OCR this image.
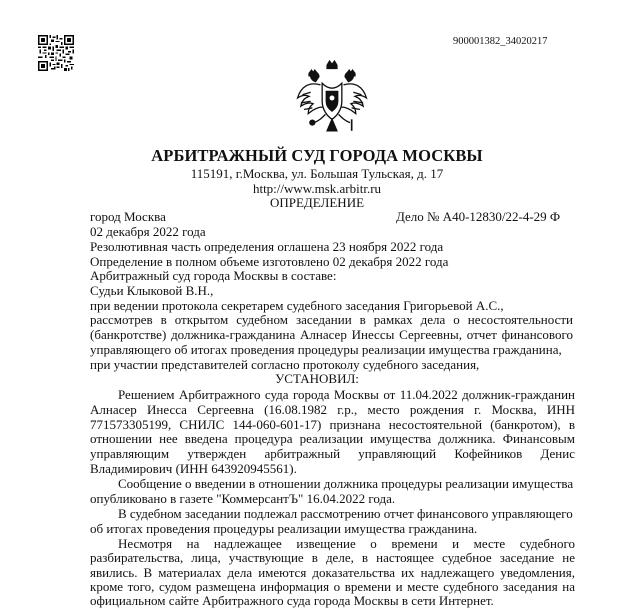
900001382_34020217
АРБИТРАЖНЫЙ СУД ГОРОДА МОСКВЫ
115191, г.Москва, ул. Большая Тульская, д. 17
http://www.msk.arbitr.ru
ОПРЕДЕЛЕНИЕ
город Москва	Дело № А40-12830/22-4-29 Ф
02 декабря 2022 года
Резолютивная часть определения оглашена 23 ноября 2022 года
Определение в полном объеме изготовлено 02 декабря 2022 года
Арбитражный суд города Москвы в составе:
Судьи Клыковой В.Н.,
при ведении протокола секретарем судебного заседания Григорьевой А.С.,
рассмотрев в открытом судебном заседании в рамках дела о несостоятельности
(банкротстве) должника-гражданина Алнасер Инессы Сергеевны, отчет финансового
управляющего об итогах проведения процедуры реализации имущества гражданина,
при участии представителей согласно протоколу судебного заседания,
УСТАНОВИЛ:
Решением Арбитражного суда города Москвы от 11.04.2022 должник-гражданин
Алнасер Инесса Сергеевна (16.08.1982 г.р., место рождения г. Москва, ИНН
771573305199, СНИЛС 144-060-601-17) признана несостоятельной (банкротом), в
отношении нее введена процедура реализации имущества должника. Финансовым
управляющим утвержден арбитражный управляющий Кофейников Денис
Владимирович (ИНН 643920945561).
Сообщение о введении в отношении должника процедуры реализации имущества
опубликовано в газете "КоммерсантЪ" 16.04.2022 года.
В судебном заседании подлежал рассмотрению отчет финансового управляющего
об итогах проведения процедуры реализации имущества гражданина.
Несмотря на надлежащее извещение о времени и месте судебного
разбирательства, лица, участвующие в деле, в настоящее судебное заседание не
явились. В материалах дела имеются доказательства их надлежащего уведомления,
кроме того, судом размещена информация о времени и месте судебного заседания на
официальном сайте Арбитражного суда города Москвы в сети Интернет.
